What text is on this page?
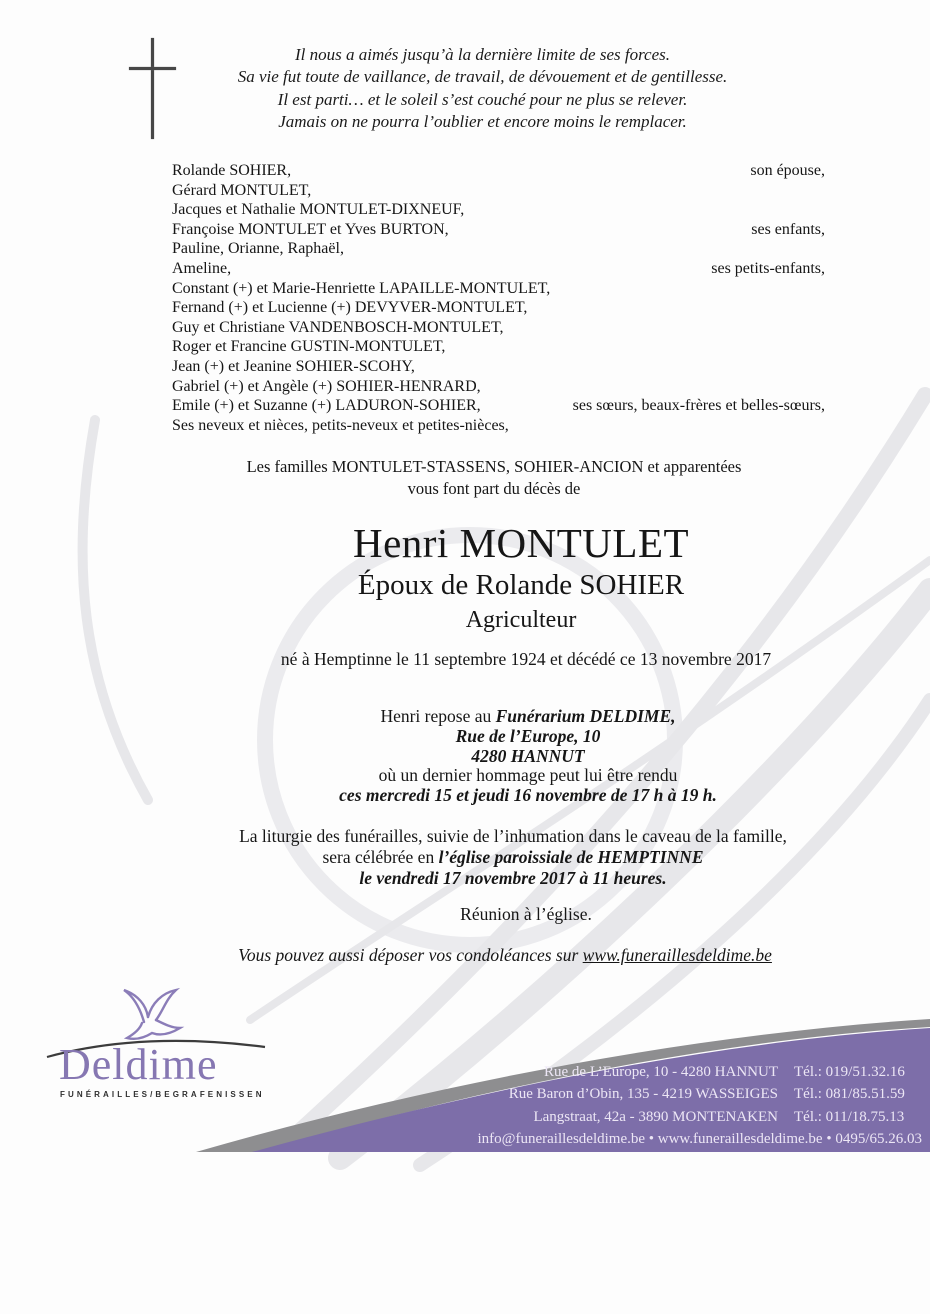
Il nous a aimés jusqu’à la dernière limite de ses forces.
Sa vie fut toute de vaillance, de travail, de dévouement et de gentillesse.
Il est parti… et le soleil s’est couché pour ne plus se relever.
Jamais on ne pourra l’oublier et encore moins le remplacer.
Rolande SOHIER,	son épouse,
Gérard MONTULET,
Jacques et Nathalie MONTULET-DIXNEUF,
Françoise MONTULET et Yves BURTON,	ses enfants,
Pauline, Orianne, Raphaël,
Ameline,	ses petits-enfants,
Constant (+) et Marie-Henriette LAPAILLE-MONTULET,
Fernand (+) et Lucienne (+) DEVYVER-MONTULET,
Guy et Christiane VANDENBOSCH-MONTULET,
Roger et Francine GUSTIN-MONTULET,
Jean (+) et Jeanine SOHIER-SCOHY,
Gabriel (+) et Angèle (+) SOHIER-HENRARD,
Emile (+) et Suzanne (+) LADURON-SOHIER,	ses sœurs, beaux-frères et belles-sœurs,
Ses neveux et nièces, petits-neveux et petites-nièces,
Les familles MONTULET-STASSENS, SOHIER-ANCION et apparentées
vous font part du décès de
Henri MONTULET
Époux de Rolande SOHIER
Agriculteur
né à Hemptinne le 11 septembre 1924 et décédé ce 13 novembre 2017
Henri repose au Funérarium DELDIME,
Rue de l’Europe, 10
4280 HANNUT
où un dernier hommage peut lui être rendu
ces mercredi 15 et jeudi 16 novembre de 17 h à 19 h.
La liturgie des funérailles, suivie de l’inhumation dans le caveau de la famille,
sera célébrée en l’église paroissiale de HEMPTINNE
le vendredi 17 novembre 2017 à 11 heures.
Réunion à l’église.
Vous pouvez aussi déposer vos condoléances sur www.funeraillesdeldime.be
Deldime
FUNÉRAILLES/BEGRAFENISSEN
Rue de L’Europe, 10 - 4280 HANNUT Tél.: 019/51.32.16
Rue Baron d’Obin, 135 - 4219 WASSEIGES Tél.: 081/85.51.59
Langstraat, 42a - 3890 MONTENAKEN Tél.: 011/18.75.13
info@funeraillesdeldime.be • www.funeraillesdeldime.be • 0495/65.26.03
